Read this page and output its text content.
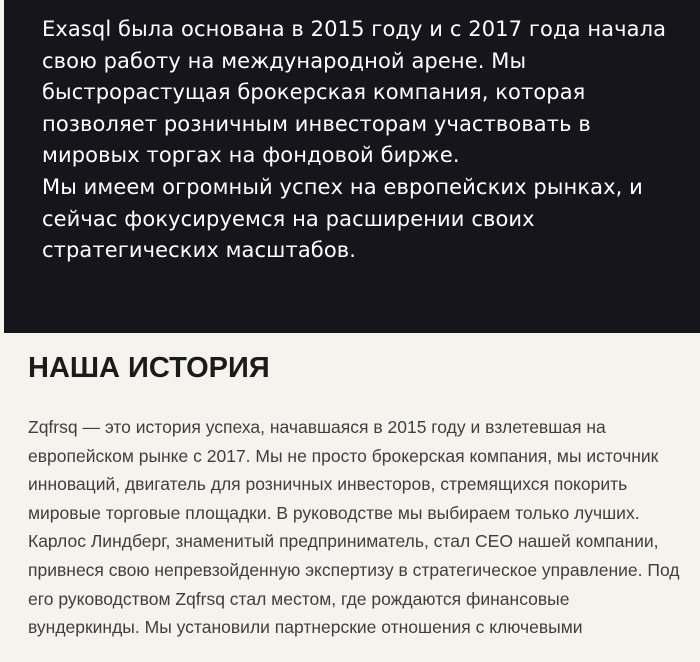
Exasql была основана в 2015 году и с 2017 года начала свою работу на международной арене. Мы быстрорастущая брокерская компания, которая позволяет розничным инвесторам участвовать в мировых торгах на фондовой бирже.

Мы имеем огромный успех на европейских рынках, и сейчас фокусируемся на расширении своих стратегических масштабов.

НАША ИСТОРИЯ

Zqfrsq — это история успеха, начавшаяся в 2015 году и взлетевшая на европейском рынке с 2017. Мы не просто брокерская компания, мы источник инноваций, двигатель для розничных инвесторов, стремящихся покорить мировые торговые площадки. В руководстве мы выбираем только лучших. Карлос Линдберг, знаменитый предприниматель, стал CEO нашей компании, привнеся свою непревзойденную экспертизу в стратегическое управление. Под его руководством Zqfrsq стал местом, где рождаются финансовые вундеркинды. Мы установили партнерские отношения с ключевыми
